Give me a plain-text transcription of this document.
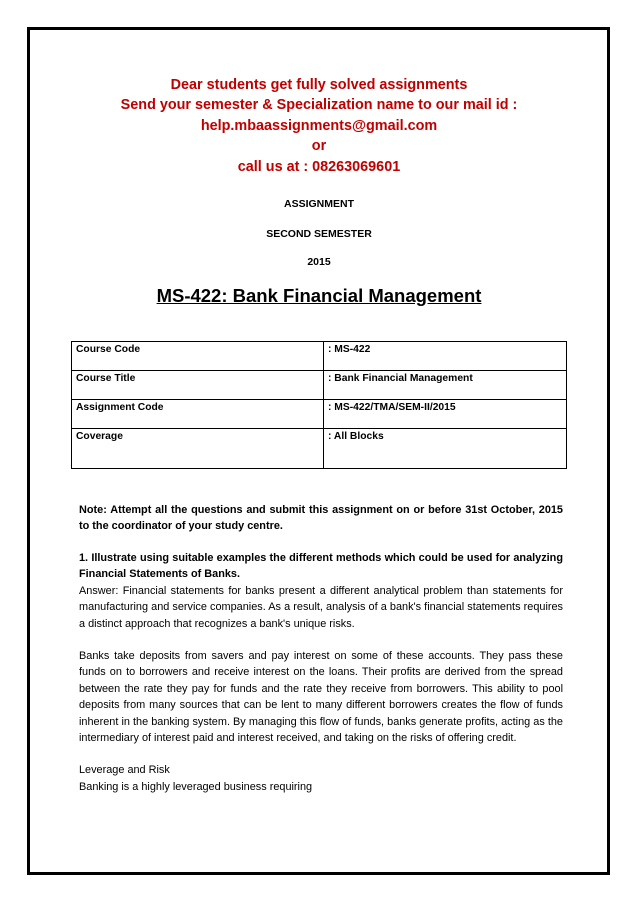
Dear students get fully solved assignments
Send your semester & Specialization name to our mail id :
help.mbaassignments@gmail.com
or
call us at : 08263069601
ASSIGNMENT
SECOND SEMESTER
2015
MS-422: Bank Financial Management
Course Code	: MS-422
Course Title	: Bank Financial Management
Assignment Code	: MS-422/TMA/SEM-II/2015
Coverage	: All Blocks
Note: Attempt all the questions and submit this assignment on or before 31st October, 2015 to the coordinator of your study centre.

1. Illustrate using suitable examples the different methods which could be used for analyzing Financial Statements of Banks.

Answer: Financial statements for banks present a different analytical problem than statements for manufacturing and service companies. As a result, analysis of a bank's financial statements requires a distinct approach that recognizes a bank's unique risks.

Banks take deposits from savers and pay interest on some of these accounts. They pass these funds on to borrowers and receive interest on the loans. Their profits are derived from the spread between the rate they pay for funds and the rate they receive from borrowers. This ability to pool deposits from many sources that can be lent to many different borrowers creates the flow of funds inherent in the banking system. By managing this flow of funds, banks generate profits, acting as the intermediary of interest paid and interest received, and taking on the risks of offering credit.

Leverage and Risk

Banking is a highly leveraged business requiring
